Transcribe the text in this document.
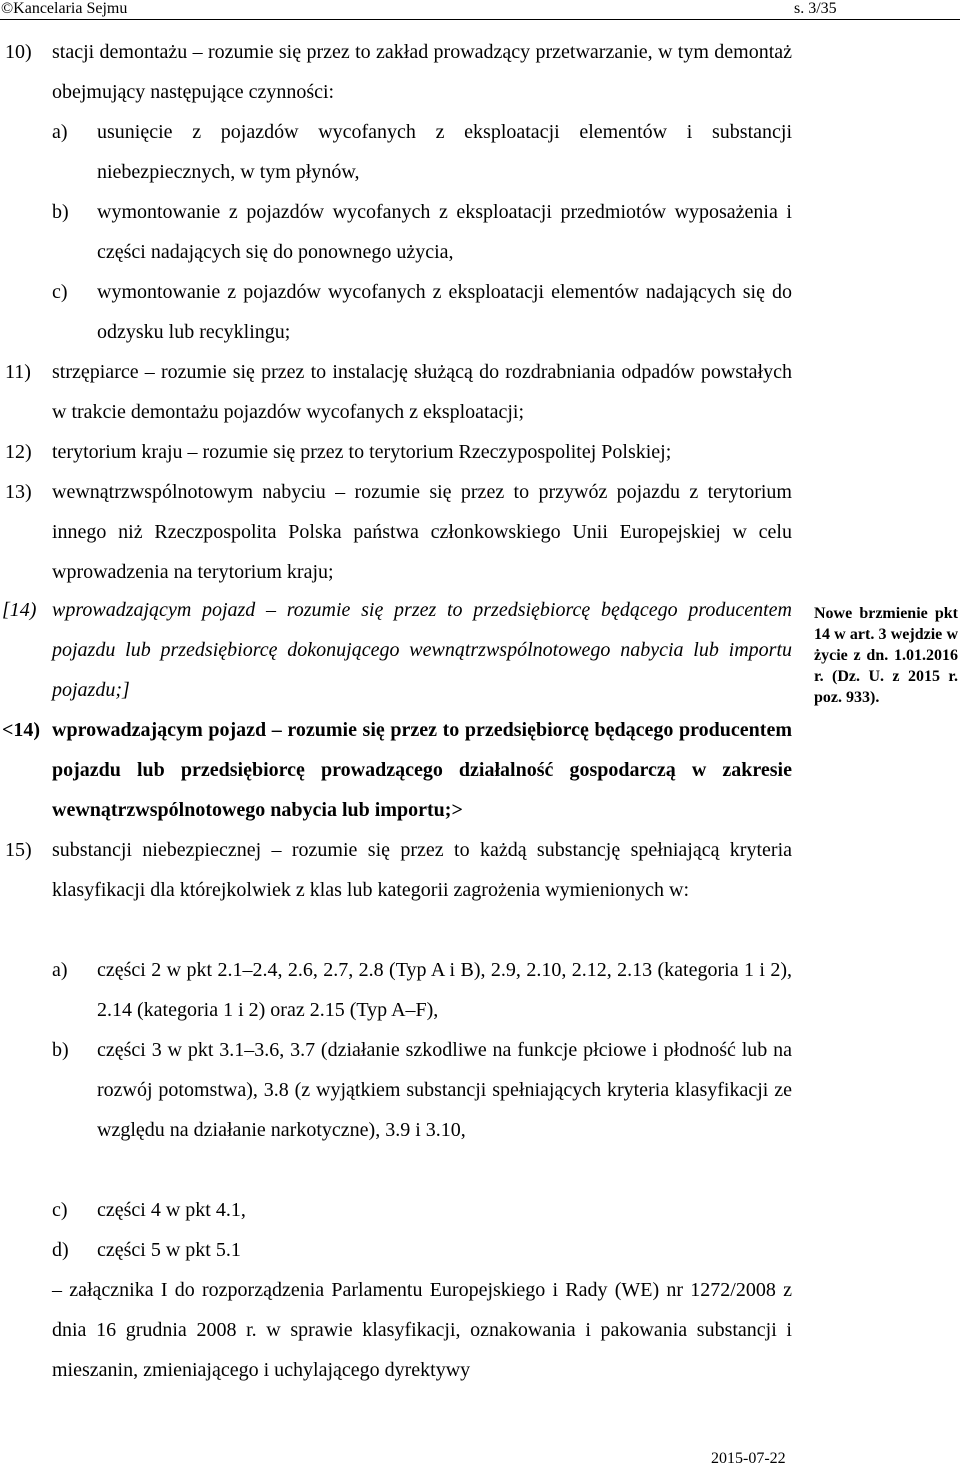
©Kancelaria Sejmu	s. 3/35
10) stacji demontażu – rozumie się przez to zakład prowadzący przetwarzanie, w tym demontaż obejmujący następujące czynności:
a) usunięcie z pojazdów wycofanych z eksploatacji elementów i substancji niebezpiecznych, w tym płynów,
b) wymontowanie z pojazdów wycofanych z eksploatacji przedmiotów wyposażenia i części nadających się do ponownego użycia,
c) wymontowanie z pojazdów wycofanych z eksploatacji elementów nadających się do odzysku lub recyklingu;
11) strzępiarce – rozumie się przez to instalację służącą do rozdrabniania odpadów powstałych w trakcie demontażu pojazdów wycofanych z eksploatacji;
12) terytorium kraju – rozumie się przez to terytorium Rzeczypospolitej Polskiej;
13) wewnątrzwspólnotowym nabyciu – rozumie się przez to przywóz pojazdu z terytorium innego niż Rzeczpospolita Polska państwa członkowskiego Unii Europejskiej w celu wprowadzenia na terytorium kraju;
[14) wprowadzającym pojazd – rozumie się przez to przedsiębiorcę będącego producentem pojazdu lub przedsiębiorcę dokonującego wewnątrzwspólnotowego nabycia lub importu pojazdu;]
<14) wprowadzającym pojazd – rozumie się przez to przedsiębiorcę będącego producentem pojazdu lub przedsiębiorcę prowadzącego działalność gospodarczą w zakresie wewnątrzwspólnotowego nabycia lub importu;>
15) substancji niebezpiecznej – rozumie się przez to każdą substancję spełniającą kryteria klasyfikacji dla którejkolwiek z klas lub kategorii zagrożenia wymienionych w:
a) części 2 w pkt 2.1–2.4, 2.6, 2.7, 2.8 (Typ A i B), 2.9, 2.10, 2.12, 2.13 (kategoria 1 i 2), 2.14 (kategoria 1 i 2) oraz 2.15 (Typ A–F),
b) części 3 w pkt 3.1–3.6, 3.7 (działanie szkodliwe na funkcje płciowe i płodność lub na rozwój potomstwa), 3.8 (z wyjątkiem substancji spełniających kryteria klasyfikacji ze względu na działanie narkotyczne), 3.9 i 3.10,
c) części 4 w pkt 4.1,
d) części 5 w pkt 5.1
– załącznika I do rozporządzenia Parlamentu Europejskiego i Rady (WE) nr 1272/2008 z dnia 16 grudnia 2008 r. w sprawie klasyfikacji, oznakowania i pakowania substancji i mieszanin, zmieniającego i uchylającego dyrektywy
Nowe brzmienie pkt 14 w art. 3 wejdzie w życie z dn. 1.01.2016 r. (Dz. U. z 2015 r. poz. 933).
2015-07-22
